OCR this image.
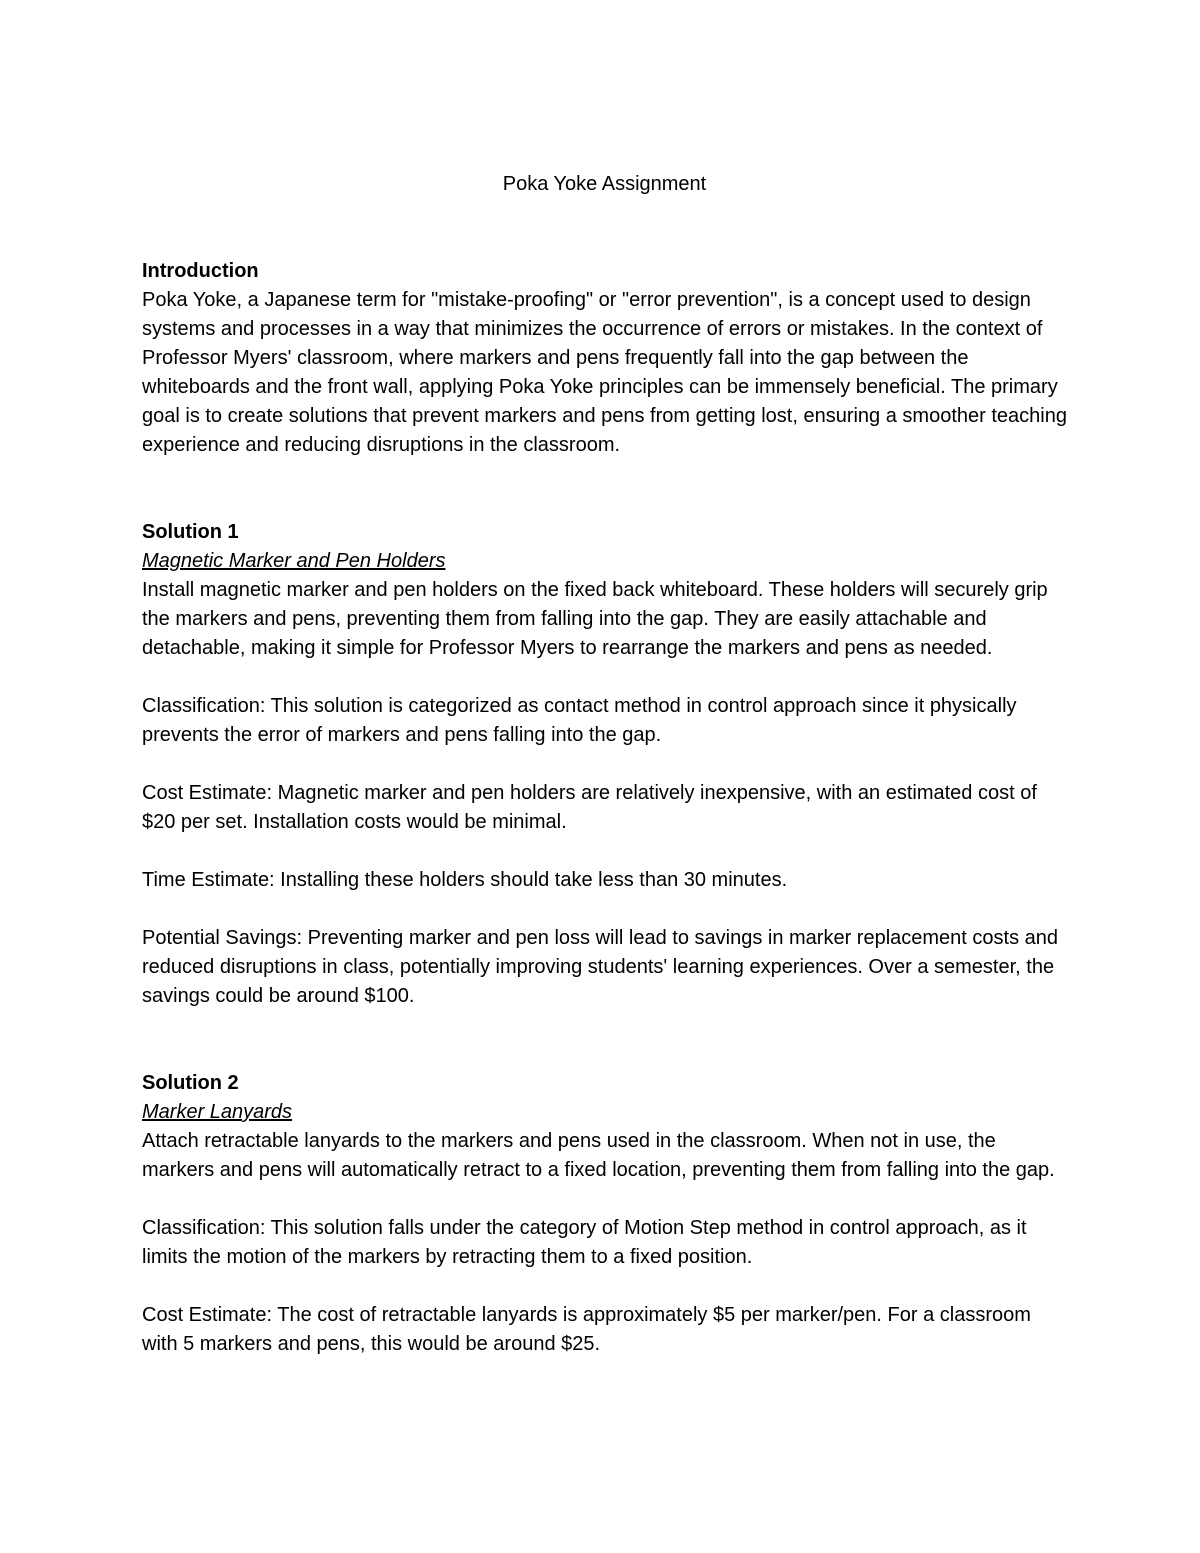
Poka Yoke Assignment
Introduction

Poka Yoke, a Japanese term for "mistake-proofing" or "error prevention", is a concept used to design systems and processes in a way that minimizes the occurrence of errors or mistakes. In the context of Professor Myers' classroom, where markers and pens frequently fall into the gap between the whiteboards and the front wall, applying Poka Yoke principles can be immensely beneficial. The primary goal is to create solutions that prevent markers and pens from getting lost, ensuring a smoother teaching experience and reducing disruptions in the classroom.

Solution 1
Magnetic Marker and Pen Holders

Install magnetic marker and pen holders on the fixed back whiteboard. These holders will securely grip the markers and pens, preventing them from falling into the gap. They are easily attachable and detachable, making it simple for Professor Myers to rearrange the markers and pens as needed.

Classification: This solution is categorized as contact method in control approach since it physically prevents the error of markers and pens falling into the gap.

Cost Estimate: Magnetic marker and pen holders are relatively inexpensive, with an estimated cost of $20 per set. Installation costs would be minimal.

Time Estimate: Installing these holders should take less than 30 minutes.

Potential Savings: Preventing marker and pen loss will lead to savings in marker replacement costs and reduced disruptions in class, potentially improving students' learning experiences. Over a semester, the savings could be around $100.

Solution 2
Marker Lanyards

Attach retractable lanyards to the markers and pens used in the classroom. When not in use, the markers and pens will automatically retract to a fixed location, preventing them from falling into the gap.

Classification: This solution falls under the category of Motion Step method in control approach, as it limits the motion of the markers by retracting them to a fixed position.

Cost Estimate: The cost of retractable lanyards is approximately $5 per marker/pen. For a classroom with 5 markers and pens, this would be around $25.
